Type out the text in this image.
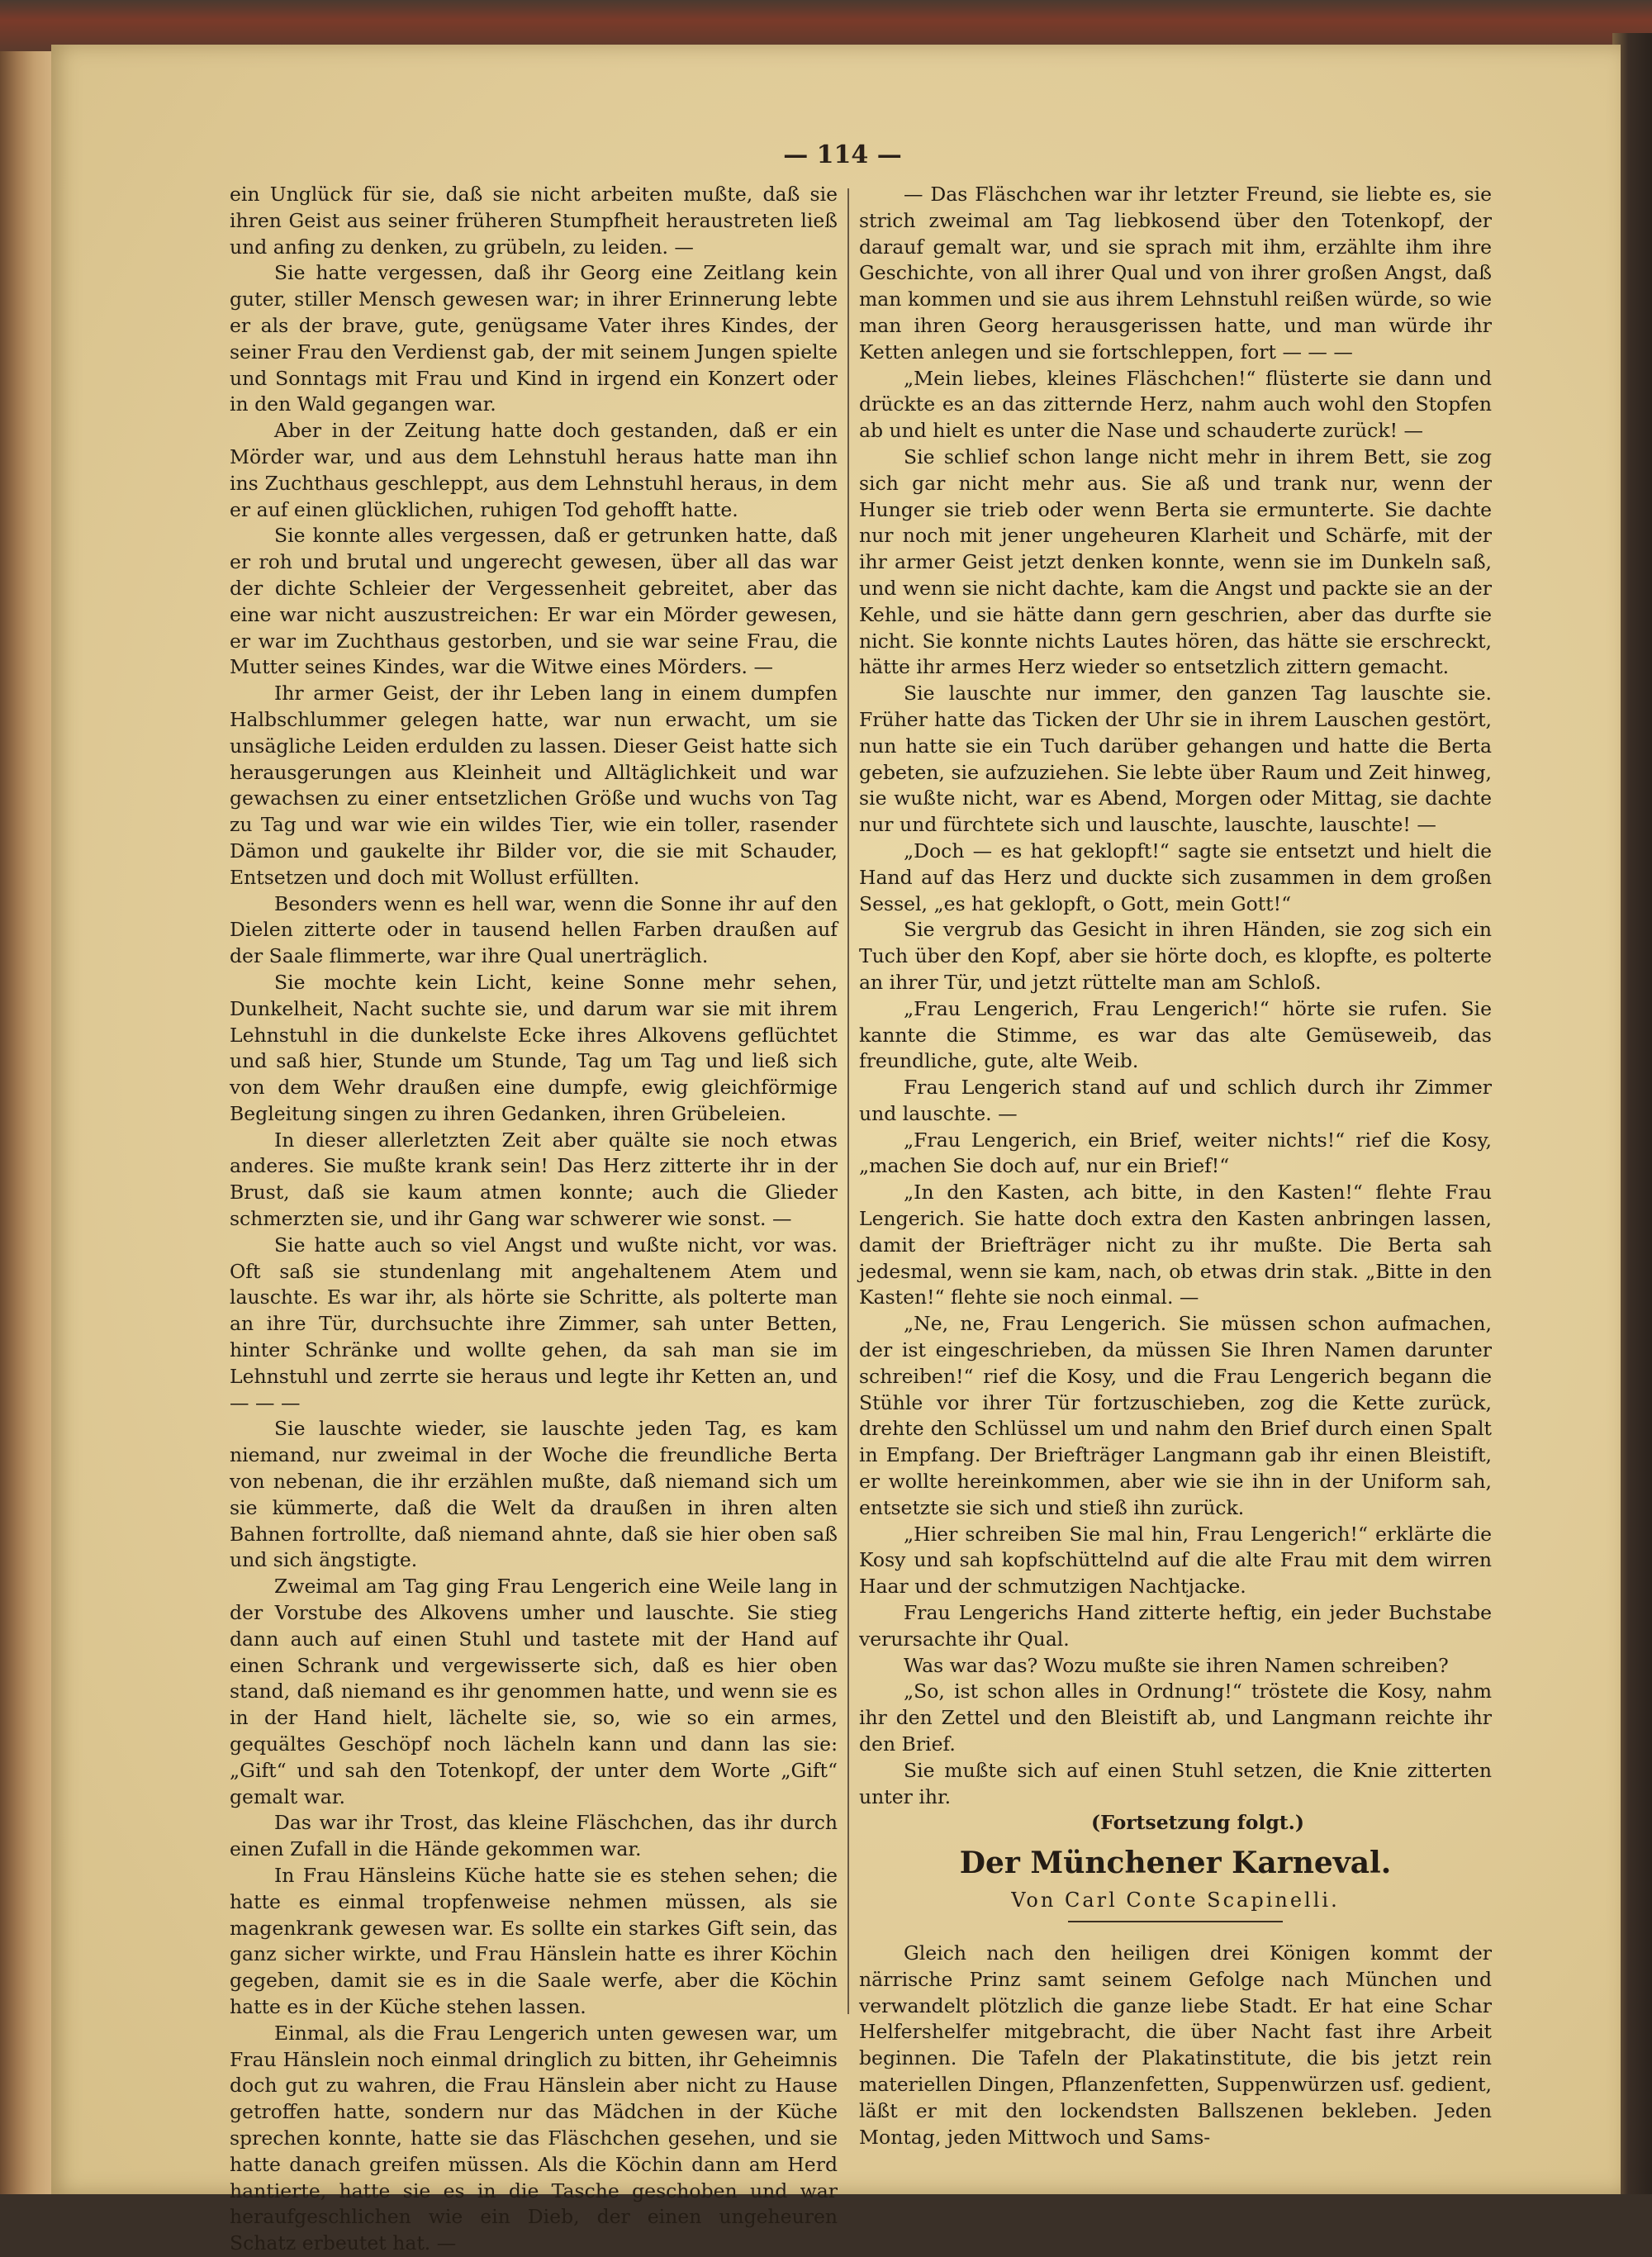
— 114 —

ein Unglück für sie, daß sie nicht arbeiten mußte, daß sie ihren Geist aus seiner früheren Stumpfheit heraustreten ließ und anfing zu denken, zu grübeln, zu leiden. —

Sie hatte vergessen, daß ihr Georg eine Zeitlang kein guter, stiller Mensch gewesen war; in ihrer Erinnerung lebte er als der brave, gute, genügsame Vater ihres Kindes, der seiner Frau den Verdienst gab, der mit seinem Jungen spielte und Sonntags mit Frau und Kind in irgend ein Konzert oder in den Wald gegangen war.

Aber in der Zeitung hatte doch gestanden, daß er ein Mörder war, und aus dem Lehnstuhl heraus hatte man ihn ins Zuchthaus geschleppt, aus dem Lehnstuhl heraus, in dem er auf einen glücklichen, ruhigen Tod gehofft hatte.

Sie konnte alles vergessen, daß er getrunken hatte, daß er roh und brutal und ungerecht gewesen, über all das war der dichte Schleier der Vergessenheit gebreitet, aber das eine war nicht auszustreichen: Er war ein Mörder gewesen, er war im Zuchthaus gestorben, und sie war seine Frau, die Mutter seines Kindes, war die Witwe eines Mörders. —

Ihr armer Geist, der ihr Leben lang in einem dumpfen Halbschlummer gelegen hatte, war nun erwacht, um sie unsägliche Leiden erdulden zu lassen. Dieser Geist hatte sich herausgerungen aus Kleinheit und Alltäglichkeit und war gewachsen zu einer entsetzlichen Größe und wuchs von Tag zu Tag und war wie ein wildes Tier, wie ein toller, rasender Dämon und gaukelte ihr Bilder vor, die sie mit Schauder, Entsetzen und doch mit Wollust erfüllten.

Besonders wenn es hell war, wenn die Sonne ihr auf den Dielen zitterte oder in tausend hellen Farben draußen auf der Saale flimmerte, war ihre Qual unerträglich.

Sie mochte kein Licht, keine Sonne mehr sehen, Dunkelheit, Nacht suchte sie, und darum war sie mit ihrem Lehnstuhl in die dunkelste Ecke ihres Alkovens geflüchtet und saß hier, Stunde um Stunde, Tag um Tag und ließ sich von dem Wehr draußen eine dumpfe, ewig gleichförmige Begleitung singen zu ihren Gedanken, ihren Grübeleien.

In dieser allerletzten Zeit aber quälte sie noch etwas anderes. Sie mußte krank sein! Das Herz zitterte ihr in der Brust, daß sie kaum atmen konnte; auch die Glieder schmerzten sie, und ihr Gang war schwerer wie sonst. —

Sie hatte auch so viel Angst und wußte nicht, vor was. Oft saß sie stundenlang mit angehaltenem Atem und lauschte. Es war ihr, als hörte sie Schritte, als polterte man an ihre Tür, durchsuchte ihre Zimmer, sah unter Betten, hinter Schränke und wollte gehen, da sah man sie im Lehnstuhl und zerrte sie heraus und legte ihr Ketten an, und — — —

Sie lauschte wieder, sie lauschte jeden Tag, es kam niemand, nur zweimal in der Woche die freundliche Berta von nebenan, die ihr erzählen mußte, daß niemand sich um sie kümmerte, daß die Welt da draußen in ihren alten Bahnen fortrollte, daß niemand ahnte, daß sie hier oben saß und sich ängstigte.

Zweimal am Tag ging Frau Lengerich eine Weile lang in der Vorstube des Alkovens umher und lauschte. Sie stieg dann auch auf einen Stuhl und tastete mit der Hand auf einen Schrank und vergewisserte sich, daß es hier oben stand, daß niemand es ihr genommen hatte, und wenn sie es in der Hand hielt, lächelte sie, so, wie so ein armes, gequältes Geschöpf noch lächeln kann und dann las sie: „Gift“ und sah den Totenkopf, der unter dem Worte „Gift“ gemalt war.

Das war ihr Trost, das kleine Fläschchen, das ihr durch einen Zufall in die Hände gekommen war.

In Frau Hänsleins Küche hatte sie es stehen sehen; die hatte es einmal tropfenweise nehmen müssen, als sie magenkrank gewesen war. Es sollte ein starkes Gift sein, das ganz sicher wirkte, und Frau Hänslein hatte es ihrer Köchin gegeben, damit sie es in die Saale werfe, aber die Köchin hatte es in der Küche stehen lassen.

Einmal, als die Frau Lengerich unten gewesen war, um Frau Hänslein noch einmal dringlich zu bitten, ihr Geheimnis doch gut zu wahren, die Frau Hänslein aber nicht zu Hause getroffen hatte, sondern nur das Mädchen in der Küche sprechen konnte, hatte sie das Fläschchen gesehen, und sie hatte danach greifen müssen. Als die Köchin dann am Herd hantierte, hatte sie es in die Tasche geschoben und war heraufgeschlichen wie ein Dieb, der einen ungeheuren Schatz erbeutet hat. —

— Das Fläschchen war ihr letzter Freund, sie liebte es, sie strich zweimal am Tag liebkosend über den Totenkopf, der darauf gemalt war, und sie sprach mit ihm, erzählte ihm ihre Geschichte, von all ihrer Qual und von ihrer großen Angst, daß man kommen und sie aus ihrem Lehnstuhl reißen würde, so wie man ihren Georg herausgerissen hatte, und man würde ihr Ketten anlegen und sie fortschleppen, fort — — —

„Mein liebes, kleines Fläschchen!“ flüsterte sie dann und drückte es an das zitternde Herz, nahm auch wohl den Stopfen ab und hielt es unter die Nase und schauderte zurück! —

Sie schlief schon lange nicht mehr in ihrem Bett, sie zog sich gar nicht mehr aus. Sie aß und trank nur, wenn der Hunger sie trieb oder wenn Berta sie ermunterte. Sie dachte nur noch mit jener ungeheuren Klarheit und Schärfe, mit der ihr armer Geist jetzt denken konnte, wenn sie im Dunkeln saß, und wenn sie nicht dachte, kam die Angst und packte sie an der Kehle, und sie hätte dann gern geschrien, aber das durfte sie nicht. Sie konnte nichts Lautes hören, das hätte sie erschreckt, hätte ihr armes Herz wieder so entsetzlich zittern gemacht.

Sie lauschte nur immer, den ganzen Tag lauschte sie. Früher hatte das Ticken der Uhr sie in ihrem Lauschen gestört, nun hatte sie ein Tuch darüber gehangen und hatte die Berta gebeten, sie aufzuziehen. Sie lebte über Raum und Zeit hinweg, sie wußte nicht, war es Abend, Morgen oder Mittag, sie dachte nur und fürchtete sich und lauschte, lauschte, lauschte! —

„Doch — es hat geklopft!“ sagte sie entsetzt und hielt die Hand auf das Herz und duckte sich zusammen in dem großen Sessel, „es hat geklopft, o Gott, mein Gott!“

Sie vergrub das Gesicht in ihren Händen, sie zog sich ein Tuch über den Kopf, aber sie hörte doch, es klopfte, es polterte an ihrer Tür, und jetzt rüttelte man am Schloß.

„Frau Lengerich, Frau Lengerich!“ hörte sie rufen. Sie kannte die Stimme, es war das alte Gemüseweib, das freundliche, gute, alte Weib.

Frau Lengerich stand auf und schlich durch ihr Zimmer und lauschte. —

„Frau Lengerich, ein Brief, weiter nichts!“ rief die Kosy, „machen Sie doch auf, nur ein Brief!“

„In den Kasten, ach bitte, in den Kasten!“ flehte Frau Lengerich. Sie hatte doch extra den Kasten anbringen lassen, damit der Briefträger nicht zu ihr mußte. Die Berta sah jedesmal, wenn sie kam, nach, ob etwas drin stak. „Bitte in den Kasten!“ flehte sie noch einmal. —

„Ne, ne, Frau Lengerich. Sie müssen schon aufmachen, der ist eingeschrieben, da müssen Sie Ihren Namen darunter schreiben!“ rief die Kosy, und die Frau Lengerich begann die Stühle vor ihrer Tür fortzuschieben, zog die Kette zurück, drehte den Schlüssel um und nahm den Brief durch einen Spalt in Empfang. Der Briefträger Langmann gab ihr einen Bleistift, er wollte hereinkommen, aber wie sie ihn in der Uniform sah, entsetzte sie sich und stieß ihn zurück.

„Hier schreiben Sie mal hin, Frau Lengerich!“ erklärte die Kosy und sah kopfschüttelnd auf die alte Frau mit dem wirren Haar und der schmutzigen Nachtjacke.

Frau Lengerichs Hand zitterte heftig, ein jeder Buchstabe verursachte ihr Qual.

Was war das? Wozu mußte sie ihren Namen schreiben?

„So, ist schon alles in Ordnung!“ tröstete die Kosy, nahm ihr den Zettel und den Bleistift ab, und Langmann reichte ihr den Brief.

Sie mußte sich auf einen Stuhl setzen, die Knie zitterten unter ihr.

(Fortsetzung folgt.)

Der Münchener Karneval.
Von Carl Conte Scapinelli.

Gleich nach den heiligen drei Königen kommt der närrische Prinz samt seinem Gefolge nach München und verwandelt plötzlich die ganze liebe Stadt. Er hat eine Schar Helfershelfer mitgebracht, die über Nacht fast ihre Arbeit beginnen. Die Tafeln der Plakatinstitute, die bis jetzt rein materiellen Dingen, Pflanzenfetten, Suppenwürzen usf. gedient, läßt er mit den lockendsten Ballszenen bekleben. Jeden Montag, jeden Mittwoch und Sams-
